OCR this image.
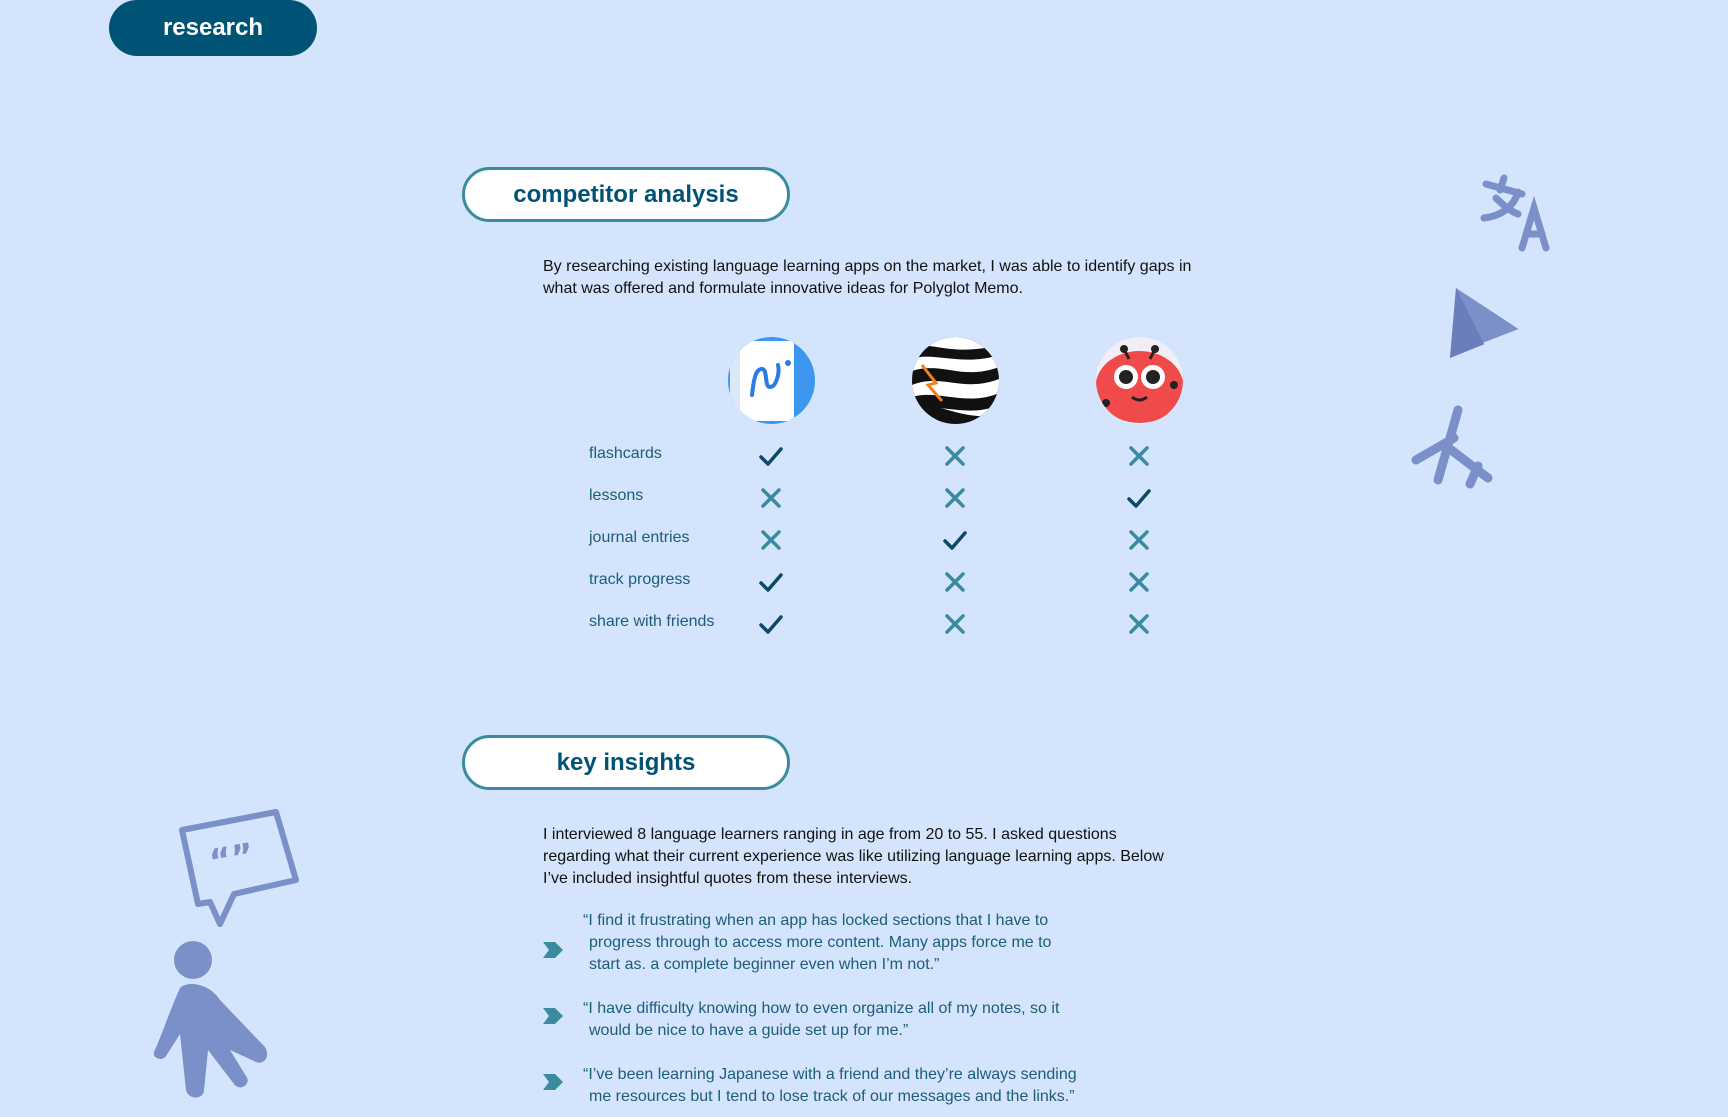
research
competitor analysis

By researching existing language learning apps on the market, I was able to identify gaps in what was offered and formulate innovative ideas for Polyglot Memo.

flashcards
lessons
journal entries
track progress
share with friends
key insights

I interviewed 8 language learners ranging in age from 20 to 55. I asked questions regarding what their current experience was like utilizing language learning apps. Below I’ve included insightful quotes from these interviews.

“I find it frustrating when an app has locked sections that I have to
progress through to access more content. Many apps force me to
start as. a complete beginner even when I’m not.”
“I have difficulty knowing how to even organize all of my notes, so it
would be nice to have a guide set up for me.”
“I’ve been learning Japanese with a friend and they’re always sending
me resources but I tend to lose track of our messages and the links.”
“”
